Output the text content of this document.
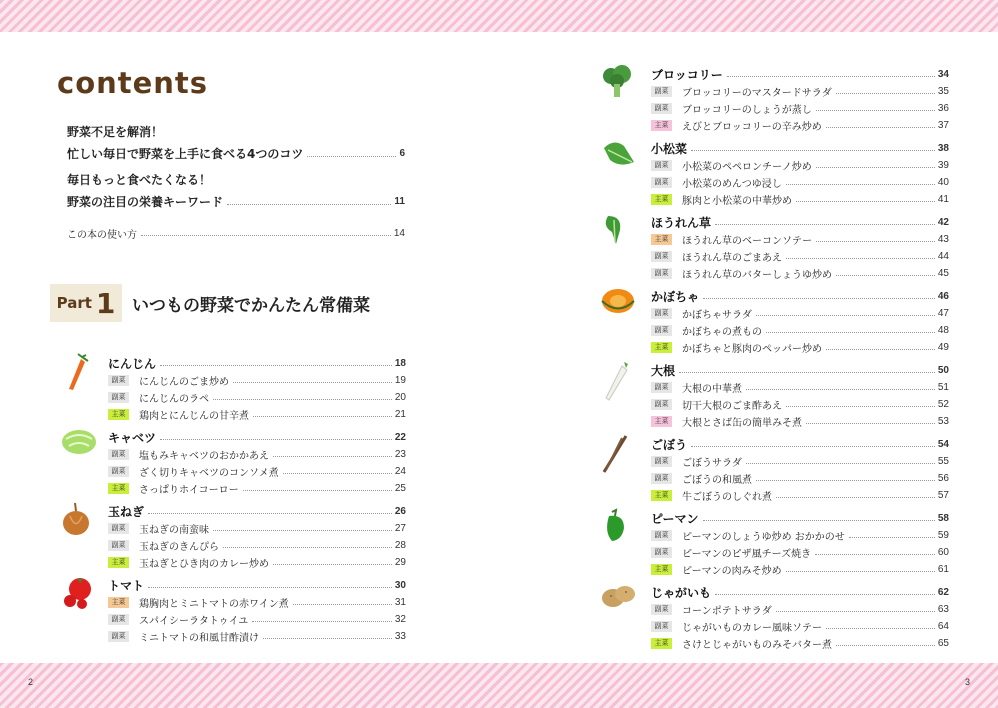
contents
野菜不足を解消！
忙しい毎日で野菜を上手に食べる4つのコツ	6
毎日もっと食べたくなる！
野菜の注目の栄養キーワード	11
この本の使い方	14
Part 1 いつもの野菜でかんたん常備菜
にんじん	18
副菜	にんじんのごま炒め	19
副菜	にんじんのラペ	20
主菜	鶏肉とにんじんの甘辛煮	21
キャベツ	22
副菜	塩もみキャベツのおかかあえ	23
副菜	ざく切りキャベツのコンソメ煮	24
主菜	さっぱりホイコーロー	25
玉ねぎ	26
副菜	玉ねぎの南蛮味	27
副菜	玉ねぎのきんぴら	28
主菜	玉ねぎとひき肉のカレー炒め	29
トマト	30
主菜	鶏胸肉とミニトマトの赤ワイン煮	31
副菜	スパイシーラタトゥイユ	32
副菜	ミニトマトの和風甘酢漬け	33
ブロッコリー	34
副菜	ブロッコリーのマスタードサラダ	35
副菜	ブロッコリーのしょうが蒸し	36
主菜	えびとブロッコリーの辛み炒め	37
小松菜	38
副菜	小松菜のペペロンチーノ炒め	39
副菜	小松菜のめんつゆ浸し	40
主菜	豚肉と小松菜の中華炒め	41
ほうれん草	42
主菜	ほうれん草のベーコンソテー	43
副菜	ほうれん草のごまあえ	44
副菜	ほうれん草のバターしょうゆ炒め	45
かぼちゃ	46
副菜	かぼちゃサラダ	47
副菜	かぼちゃの煮もの	48
主菜	かぼちゃと豚肉のペッパー炒め	49
大根	50
副菜	大根の中華煮	51
副菜	切干大根のごま酢あえ	52
主菜	大根とさば缶の簡単みそ煮	53
ごぼう	54
副菜	ごぼうサラダ	55
副菜	ごぼうの和風煮	56
主菜	牛ごぼうのしぐれ煮	57
ピーマン	58
副菜	ピーマンのしょうゆ炒め おかかのせ	59
副菜	ピーマンのピザ風チーズ焼き	60
主菜	ピーマンの肉みそ炒め	61
じゃがいも	62
副菜	コーンポテトサラダ	63
副菜	じゃがいものカレー風味ソテー	64
主菜	さけとじゃがいものみそバター煮	65
2	3
